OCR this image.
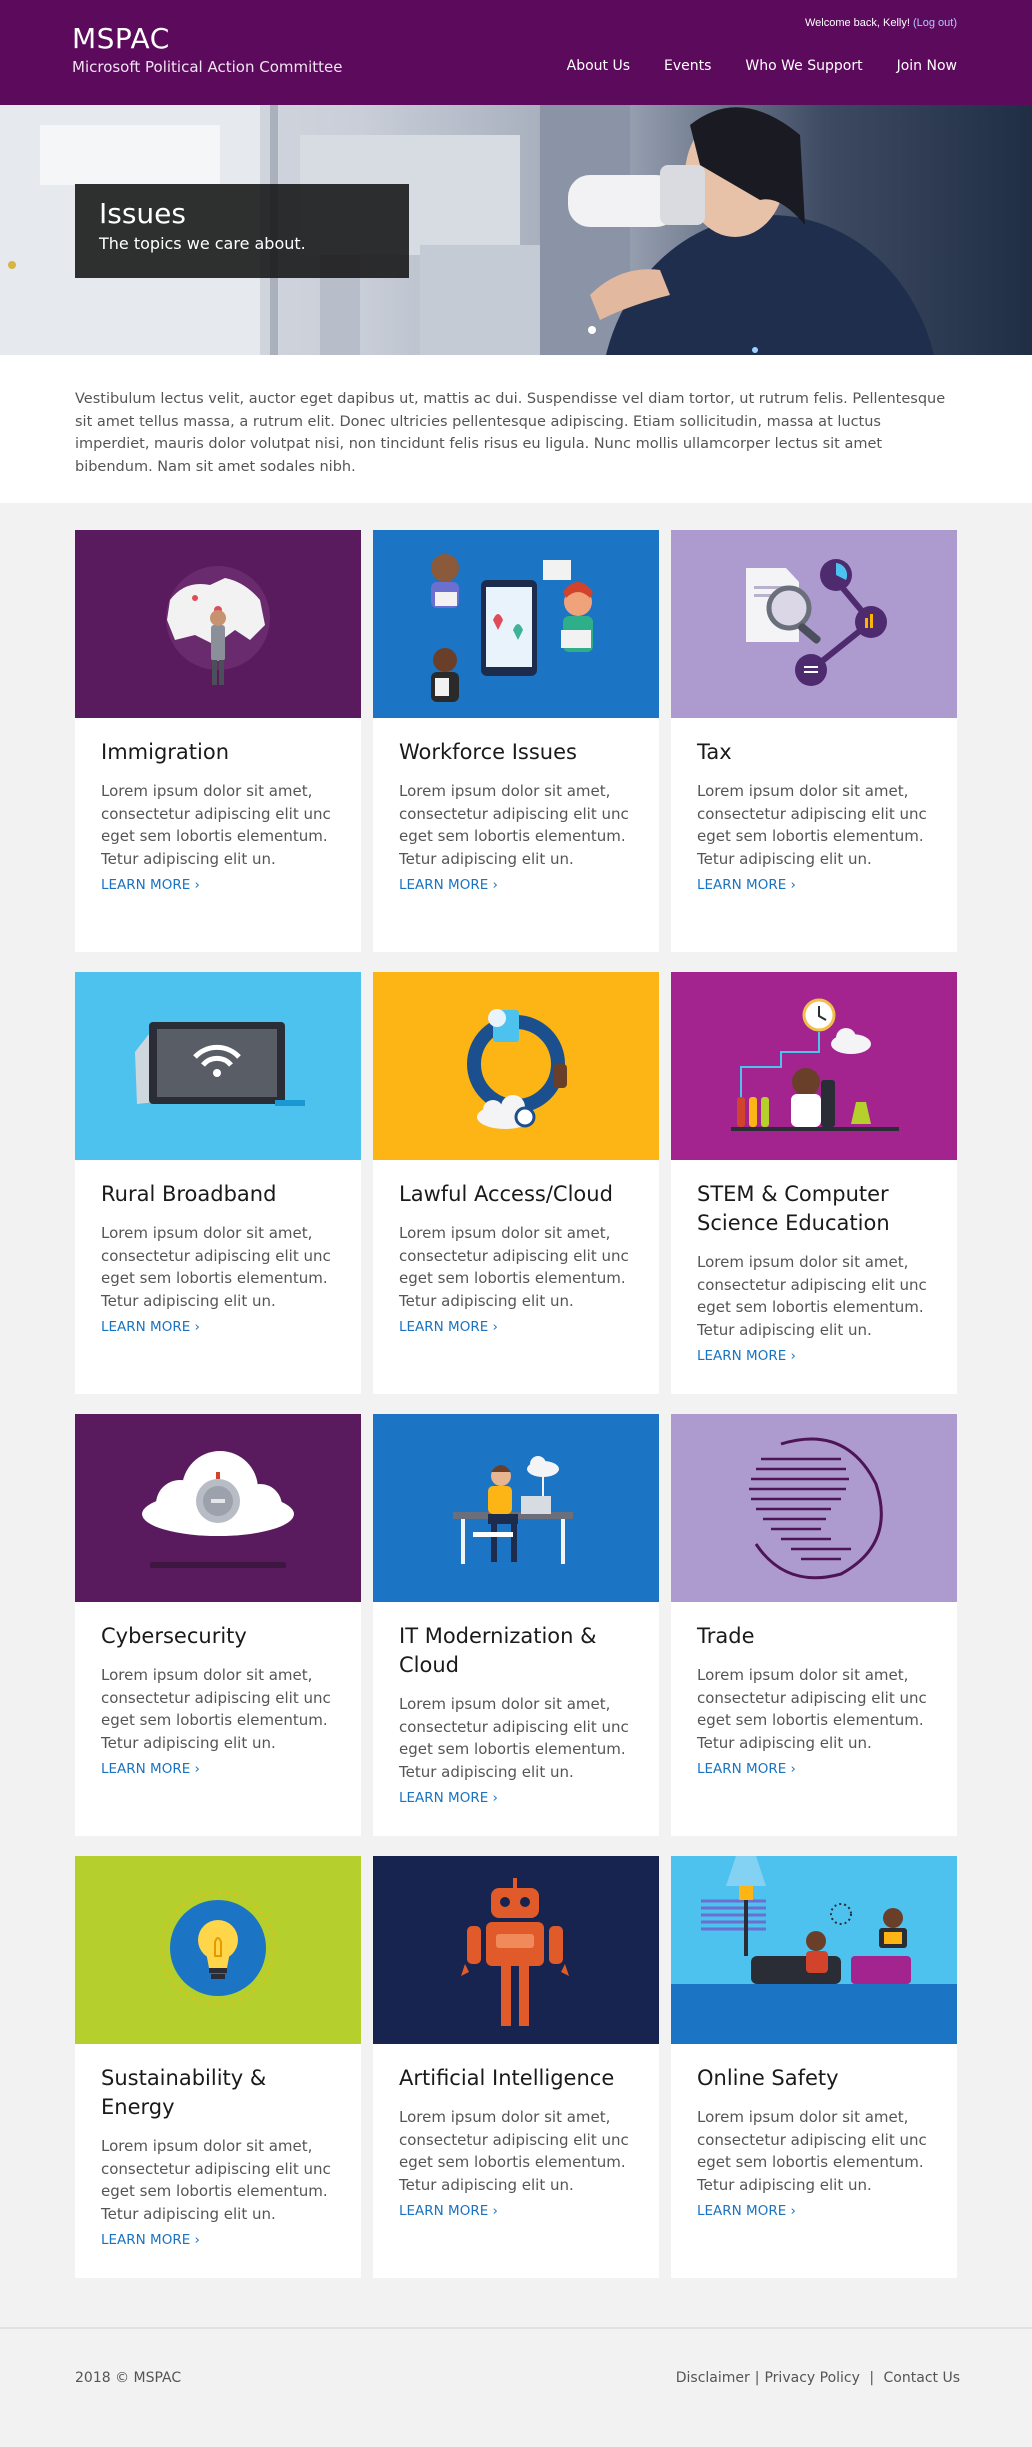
MSPAC
Microsoft Political Action Committee
Welcome back, Kelly! (Log out)
About Us Events Who We Support Join Now
Issues
The topics we care about.

Vestibulum lectus velit, auctor eget dapibus ut, mattis ac dui. Suspendisse vel diam tortor, ut rutrum felis. Pellentesque sit amet tellus massa, a rutrum elit. Donec ultricies pellentesque adipiscing. Etiam sollicitudin, massa at luctus imperdiet, mauris dolor volutpat nisi, non tincidunt felis risus eu ligula. Nunc mollis ullamcorper lectus sit amet bibendum. Nam sit amet sodales nibh.

Immigration

Lorem ipsum dolor sit amet, consectetur adipiscing elit unc eget sem lobortis elementum. Tetur adipiscing elit un.

LEARN MORE ›
Workforce Issues

Lorem ipsum dolor sit amet, consectetur adipiscing elit unc eget sem lobortis elementum. Tetur adipiscing elit un.

LEARN MORE ›
Tax

Lorem ipsum dolor sit amet, consectetur adipiscing elit unc eget sem lobortis elementum. Tetur adipiscing elit un.

LEARN MORE ›
Rural Broadband

Lorem ipsum dolor sit amet, consectetur adipiscing elit unc eget sem lobortis elementum. Tetur adipiscing elit un.

LEARN MORE ›
Lawful Access/Cloud

Lorem ipsum dolor sit amet, consectetur adipiscing elit unc eget sem lobortis elementum. Tetur adipiscing elit un.

LEARN MORE ›
STEM & Computer Science Education

Lorem ipsum dolor sit amet, consectetur adipiscing elit unc eget sem lobortis elementum. Tetur adipiscing elit un.

LEARN MORE ›
Cybersecurity

Lorem ipsum dolor sit amet, consectetur adipiscing elit unc eget sem lobortis elementum. Tetur adipiscing elit un.

LEARN MORE ›
IT Modernization & Cloud

Lorem ipsum dolor sit amet, consectetur adipiscing elit unc eget sem lobortis elementum. Tetur adipiscing elit un.

LEARN MORE ›
Trade

Lorem ipsum dolor sit amet, consectetur adipiscing elit unc eget sem lobortis elementum. Tetur adipiscing elit un.

LEARN MORE ›
Sustainability & Energy

Lorem ipsum dolor sit amet, consectetur adipiscing elit unc eget sem lobortis elementum. Tetur adipiscing elit un.

LEARN MORE ›
Artificial Intelligence

Lorem ipsum dolor sit amet, consectetur adipiscing elit unc eget sem lobortis elementum. Tetur adipiscing elit un.

LEARN MORE ›
Online Safety

Lorem ipsum dolor sit amet, consectetur adipiscing elit unc eget sem lobortis elementum. Tetur adipiscing elit un.

LEARN MORE ›
2018 © MSPAC	Disclaimer | Privacy Policy | Contact Us
